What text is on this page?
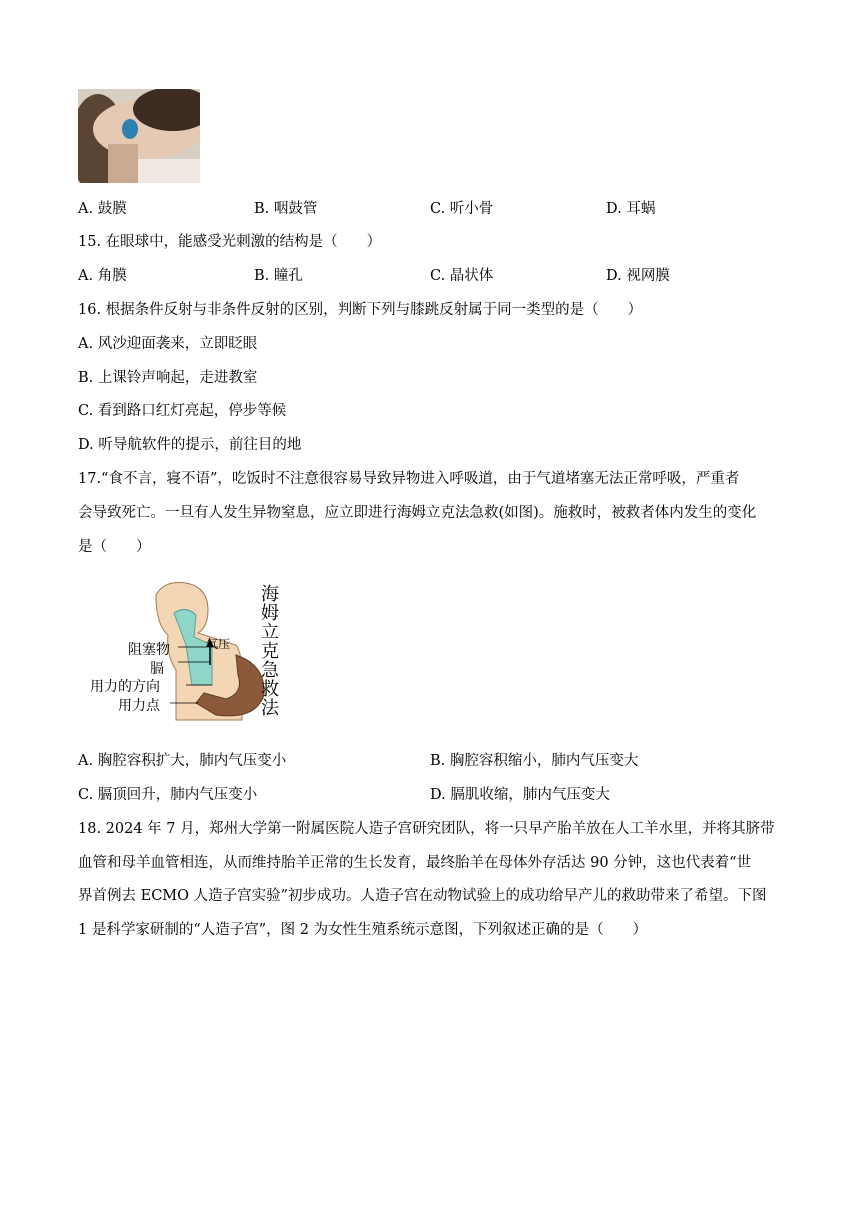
A. 鼓膜	B. 咽鼓管	C. 听小骨	D. 耳蜗
15. 在眼球中，能感受光刺激的结构是（　　）
A. 角膜	B. 瞳孔	C. 晶状体	D. 视网膜
16. 根据条件反射与非条件反射的区别，判断下列与膝跳反射属于同一类型的是（　　）
A. 风沙迎面袭来，立即眨眼
B. 上课铃声响起，走进教室
C. 看到路口红灯亮起，停步等候
D. 听导航软件的提示，前往目的地
17.“食不言，寝不语”，吃饭时不注意很容易导致异物进入呼吸道，由于气道堵塞无法正常呼吸，严重者
会导致死亡。一旦有人发生异物窒息，应立即进行海姆立克法急救(如图)。施救时，被救者体内发生的变化
是（　　）
阻塞物
膈
用力的方向
用力点
气压
海
姆
立
克
急
救
法
A. 胸腔容积扩大，肺内气压变小	B. 胸腔容积缩小，肺内气压变大
C. 膈顶回升，肺内气压变小	D. 膈肌收缩，肺内气压变大
18. 2024 年 7 月，郑州大学第一附属医院人造子宫研究团队，将一只早产胎羊放在人工羊水里，并将其脐带
血管和母羊血管相连，从而维持胎羊正常的生长发育，最终胎羊在母体外存活达 90 分钟，这也代表着“世
界首例去 ECMO 人造子宫实验”初步成功。人造子宫在动物试验上的成功给早产儿的救助带来了希望。下图
1 是科学家研制的“人造子宫”，图 2 为女性生殖系统示意图，下列叙述正确的是（　　）
